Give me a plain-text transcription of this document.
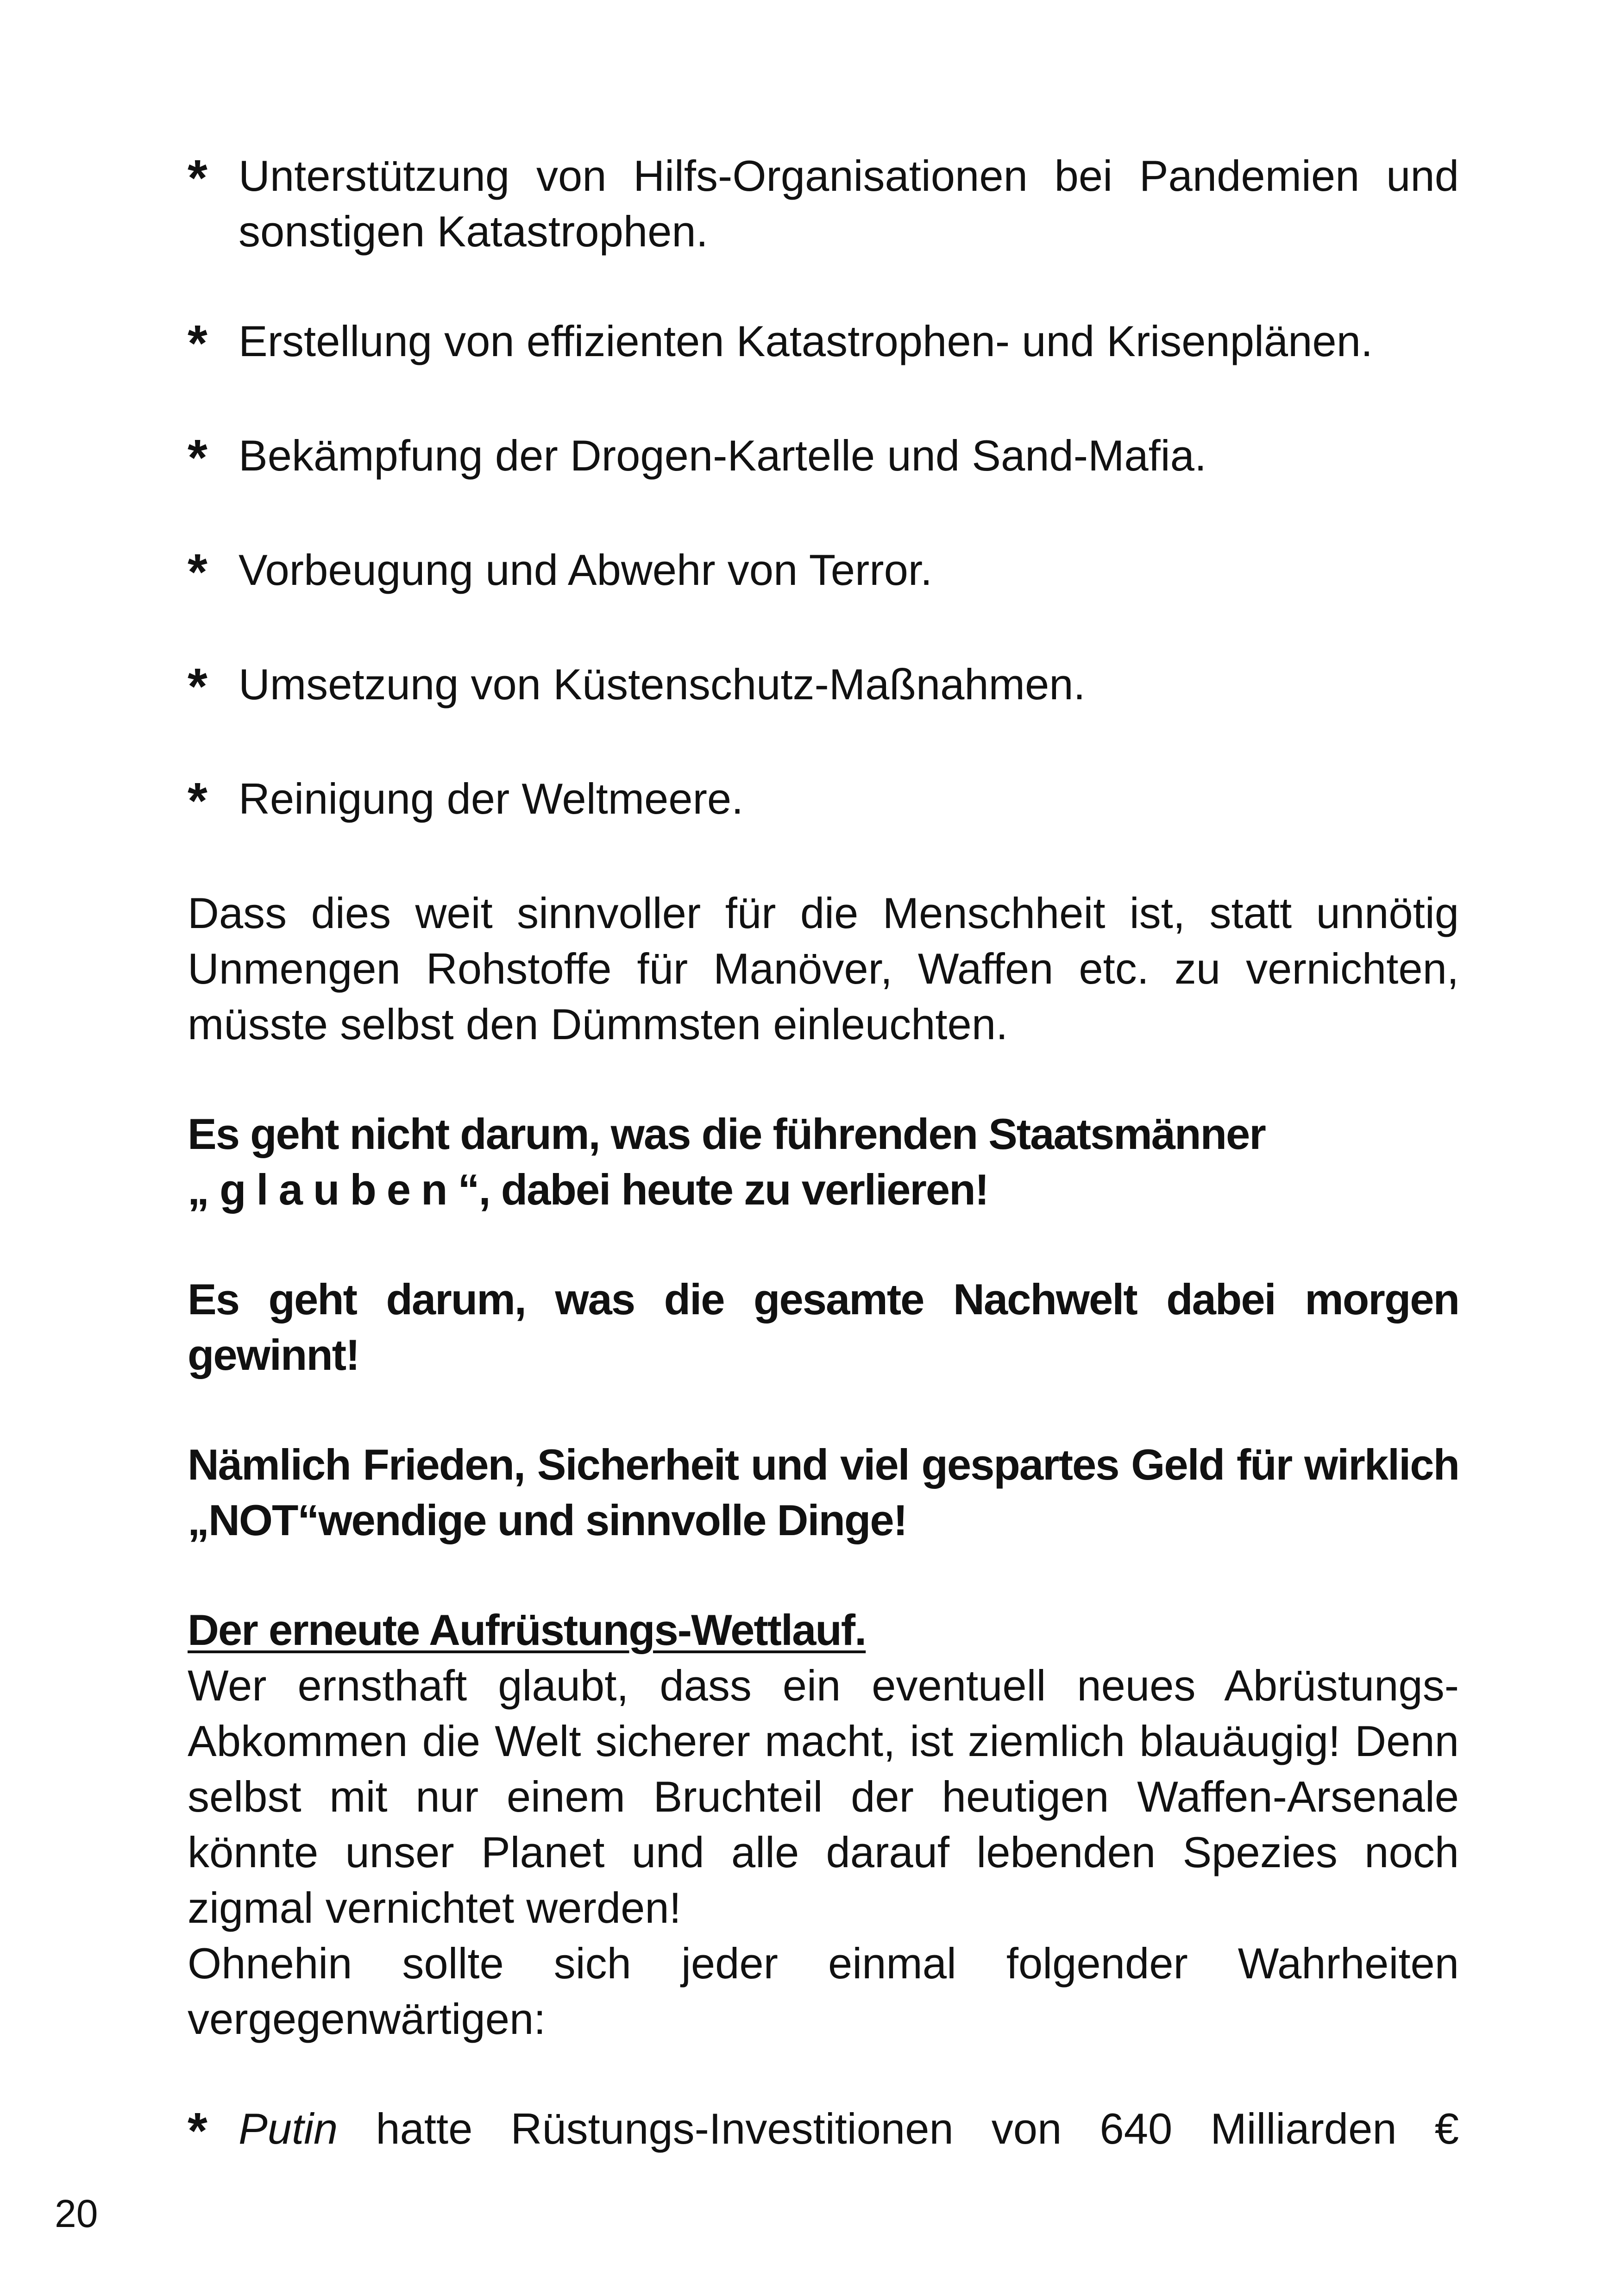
* Unterstützung von Hilfs-Organisationen bei Pandemien und sonstigen Katastrophen.
* Erstellung von effizienten Katastrophen- und Krisenplänen.
* Bekämpfung der Drogen-Kartelle und Sand-Mafia.
* Vorbeugung und Abwehr von Terror.
* Umsetzung von Küstenschutz-Maßnahmen.
* Reinigung der Weltmeere.

Dass dies weit sinnvoller für die Menschheit ist, statt unnötig Unmengen Rohstoffe für Manöver, Waffen etc. zu vernichten, müsste selbst den Dümmsten einleuchten.

Es geht nicht darum, was die führenden Staatsmänner
„ glauben“, dabei heute zu verlieren!

Es geht darum, was die gesamte Nachwelt dabei morgen gewinnt!

Nämlich Frieden, Sicherheit und viel gespartes Geld für wirklich „NOT“wendige und sinnvolle Dinge!

Der erneute Aufrüstungs-Wettlauf.

Wer ernsthaft glaubt, dass ein eventuell neues Abrüstungs-Abkommen die Welt sicherer macht, ist ziemlich blauäugig! Denn selbst mit nur einem Bruchteil der heutigen Waffen-Arsenale könnte unser Planet und alle darauf lebenden Spezies noch zigmal vernichtet werden!

Ohnehin sollte sich jeder einmal folgender Wahrheiten vergegenwärtigen:

* Putin hatte Rüstungs-Investitionen von 640 Milliarden €
20
